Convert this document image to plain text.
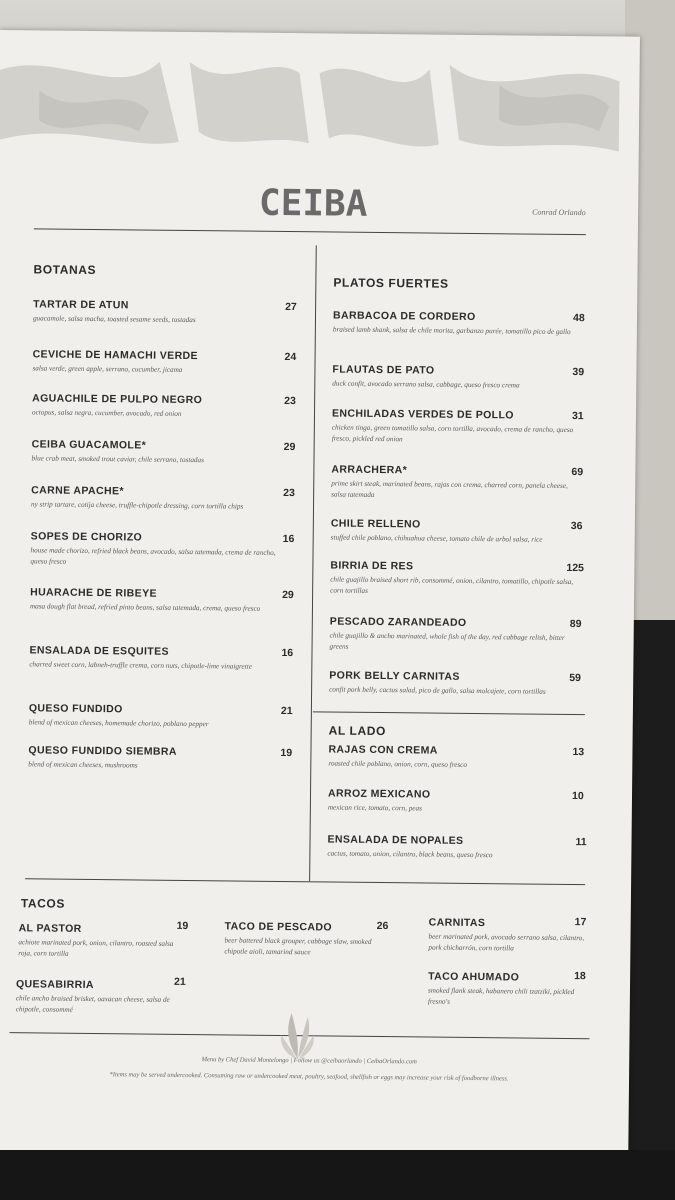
CEIBA	Conrad Orlando
BOTANAS
TARTAR DE ATUN
guacamole, salsa macha, toasted sesame seeds, tostadas
27
CEVICHE DE HAMACHI VERDE
salsa verde, green apple, serrano, cucumber, jicama
24
AGUACHILE DE PULPO NEGRO
octopus, salsa negra, cucumber, avocado, red onion
23
CEIBA GUACAMOLE*
blue crab meat, smoked trout caviar, chile serrano, tostadas
29
CARNE APACHE*
ny strip tartare, cotija cheese, truffle-chipotle dressing, corn tortilla chips
23
SOPES DE CHORIZO
house made chorizo, refried black beans, avocado, salsa tatemada, crema de rancho, queso fresco
16
HUARACHE DE RIBEYE
masa dough flat bread, refried pinto beans, salsa tatemada, crema, queso fresco
29
ENSALADA DE ESQUITES
charred sweet corn, labneh-truffle crema, corn nuts, chipotle-lime vinaigrette
16
QUESO FUNDIDO
blend of mexican cheeses, homemade chorizo, poblano pepper
21
QUESO FUNDIDO SIEMBRA
blend of mexican cheeses, mushrooms
19
PLATOS FUERTES
BARBACOA DE CORDERO
braised lamb shank, salsa de chile morita, garbanzo purée, tomatillo pico de gallo
48
FLAUTAS DE PATO
duck confit, avocado serrano salsa, cabbage, queso fresco crema
39
ENCHILADAS VERDES DE POLLO
chicken tinga, green tomatillo salsa, corn tortilla, avocado, crema de rancho, queso fresco, pickled red onion
31
ARRACHERA*
prime skirt steak, marinated beans, rajas con crema, charred corn, panela cheese, salsa tatemada
69
CHILE RELLENO
stuffed chile poblano, chihuahua cheese, tomato chile de arbol salsa, rice
36
BIRRIA DE RES
chile guajillo braised short rib, consommé, onion, cilantro, tomatillo, chipotle salsa, corn tortillas
125
PESCADO ZARANDEADO
chile guajillo & ancho marinated, whole fish of the day, red cabbage relish, bitter greens
89
PORK BELLY CARNITAS
confit pork belly, cactus salad, pico de gallo, salsa molcajete, corn tortillas
59
AL LADO
RAJAS CON CREMA
roasted chile poblano, onion, corn, queso fresco
13
ARROZ MEXICANO
mexican rice, tomato, corn, peas
10
ENSALADA DE NOPALES
cactus, tomato, onion, cilantro, black beans, queso fresco
11
TACOS
AL PASTOR
achiote marinated pork, onion, cilantro, roasted salsa roja, corn tortilla
19
QUESABIRRIA
chile ancho braised brisket, oaxacan cheese, salsa de chipotle, consommé
21
TACO DE PESCADO
beer battered black grouper, cabbage slaw, smoked chipotle aioli, tamarind sauce
26	CARNITAS
beer marinated pork, avocado serrano salsa, cilantro, pork chicharrón, corn tortilla
17
TACO AHUMADO
smoked flank steak, habanero chili tzatziki, pickled fresno's
18
Menu by Chef David Montelongo | Follow us @ceibaorlando | CeibaOrlando.com
*Items may be served undercooked. Consuming raw or undercooked meat, poultry, seafood, shellfish or eggs may increase your risk of foodborne illness.
